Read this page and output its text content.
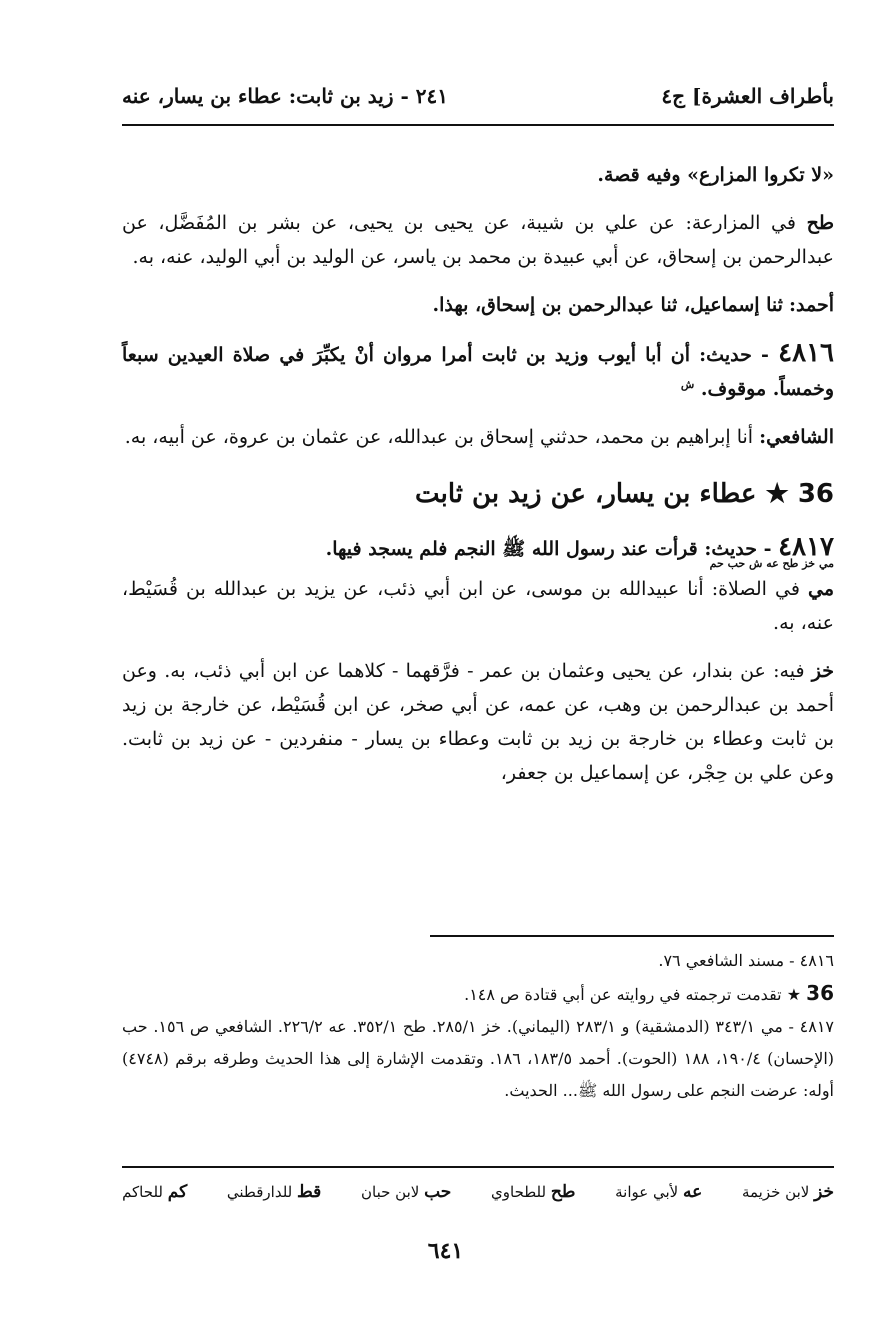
بأطراف العشرة] ج٤
٢٤١ - زيد بن ثابت: عطاء بن يسار، عنه

«لا تكروا المزارع» وفيه قصة.

طح في المزارعة: عن علي بن شيبة، عن يحيى بن يحيى، عن بشر بن المُفَضَّل، عن عبدالرحمن بن إسحاق، عن أبي عبيدة بن محمد بن ياسر، عن الوليد بن أبي الوليد، عنه، به.

أحمد: ثنا إسماعيل، ثنا عبدالرحمن بن إسحاق، بهذا.

٤٨١٦ - حديث: أن أبا أيوب وزيد بن ثابت أمرا مروان أنْ يكبِّرَ في صلاة العيدين سبعاً وخمساً. موقوف. $^ش$

الشافعي: أنا إبراهيم بن محمد، حدثني إسحاق بن عبدالله، عن عثمان بن عروة، عن أبيه، به.

36 ★ عطاء بن يسار، عن زيد بن ثابت

٤٨١٧ - حديث: قرأت عند رسول الله ﷺ النجم فلم يسجد فيها.

مي خز طح عه ش حب حم

مي في الصلاة: أنا عبيدالله بن موسى، عن ابن أبي ذئب، عن يزيد بن عبدالله بن قُسَيْط، عنه، به.

خز فيه: عن بندار، عن يحيى وعثمان بن عمر - فرَّقهما - كلاهما عن ابن أبي ذئب، به. وعن أحمد بن عبدالرحمن بن وهب، عن عمه، عن أبي صخر، عن ابن قُسَيْط، عن خارجة بن زيد بن ثابت وعطاء بن خارجة بن زيد بن ثابت وعطاء بن يسار - منفردين - عن زيد بن ثابت. وعن علي بن حِجْر، عن إسماعيل بن جعفر،

٤٨١٦ - مسند الشافعي ٧٦.

36 ★ تقدمت ترجمته في روايته عن أبي قتادة ص ١٤٨.

٤٨١٧ - مي ٣٤٣/١ (الدمشقية) و ٢٨٣/١ (اليماني). خز ٢٨٥/١. طح ٣٥٢/١. عه ٢٢٦/٢. الشافعي ص ١٥٦. حب (الإحسان) ١٩٠/٤، ١٨٨ (الحوت). أحمد ١٨٣/٥، ١٨٦. وتقدمت الإشارة إلى هذا الحديث وطرقه برقم (٤٧٤٨) أوله: عرضت النجم على رسول الله ﷺ... الحديث.

خز لابن خزيمة
عه لأبي عوانة
طح للطحاوي
حب لابن حبان
قط للدارقطني
كم للحاكم
٦٤١
